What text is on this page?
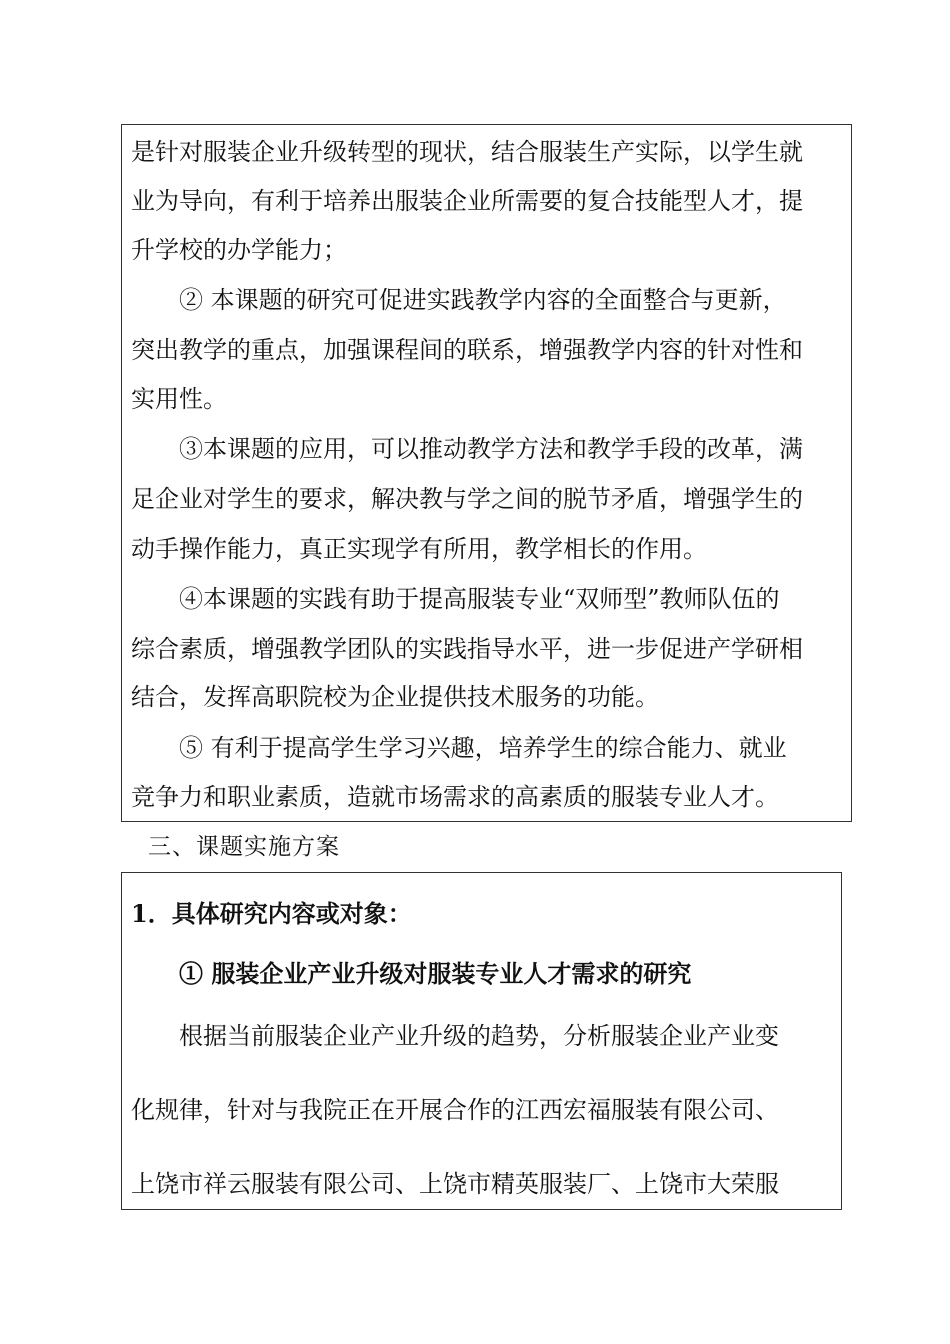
是针对服装企业升级转型的现状，结合服装生产实际，以学生就
业为导向，有利于培养出服装企业所需要的复合技能型人才，提
升学校的办学能力；
② 本课题的研究可促进实践教学内容的全面整合与更新，
突出教学的重点，加强课程间的联系，增强教学内容的针对性和
实用性。
③本课题的应用，可以推动教学方法和教学手段的改革，满
足企业对学生的要求，解决教与学之间的脱节矛盾，增强学生的
动手操作能力，真正实现学有所用，教学相长的作用。
④本课题的实践有助于提高服装专业“双师型”教师队伍的
综合素质，增强教学团队的实践指导水平，进一步促进产学研相
结合，发挥高职院校为企业提供技术服务的功能。
⑤ 有利于提高学生学习兴趣，培养学生的综合能力、就业
竞争力和职业素质，造就市场需求的高素质的服装专业人才。
三、课题实施方案
1．具体研究内容或对象：
① 服装企业产业升级对服装专业人才需求的研究
根据当前服装企业产业升级的趋势，分析服装企业产业变
化规律，针对与我院正在开展合作的江西宏福服装有限公司、
上饶市祥云服装有限公司、上饶市精英服装厂、上饶市大荣服
